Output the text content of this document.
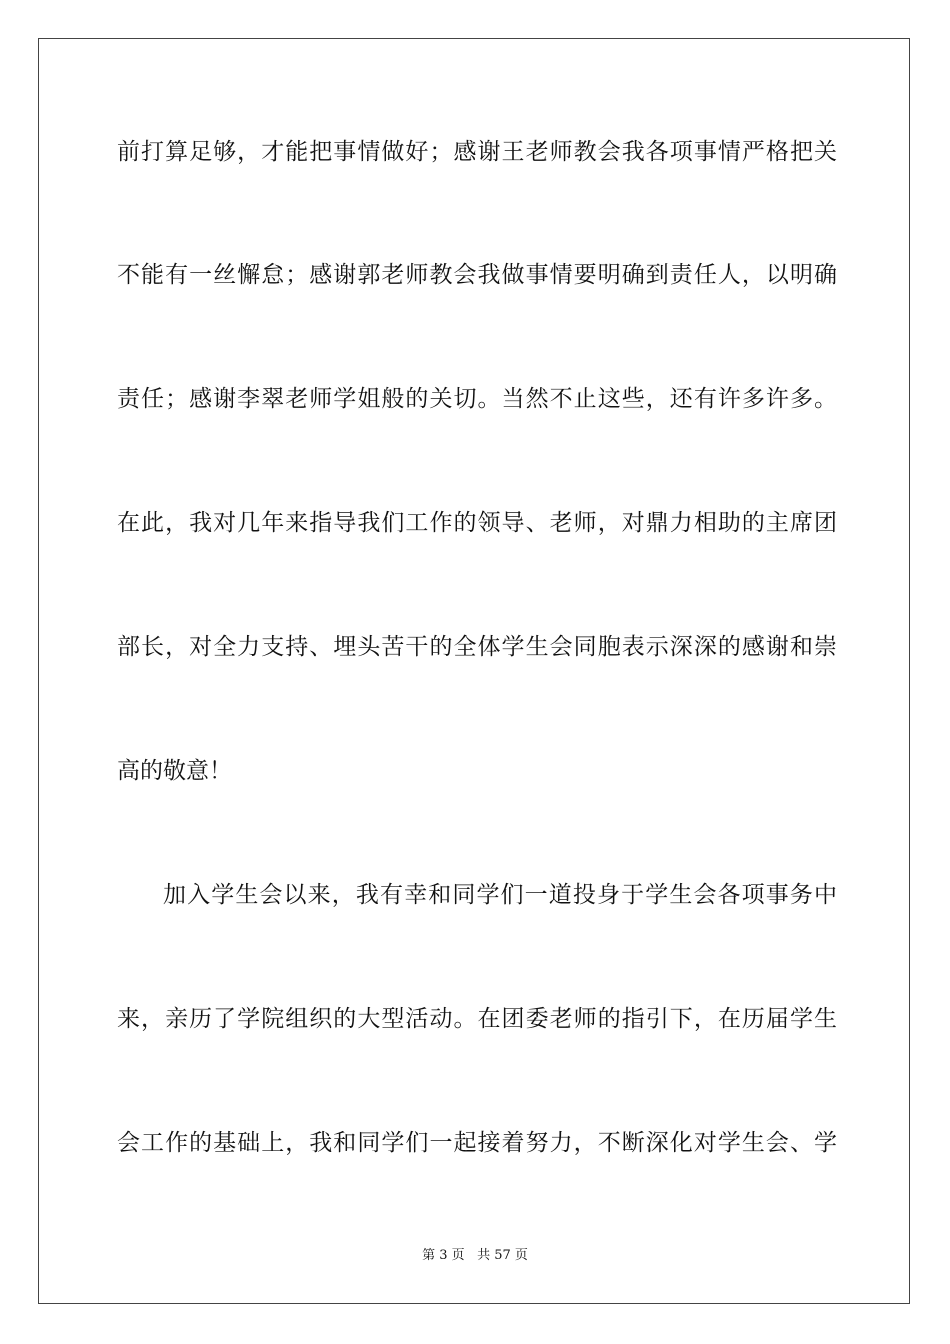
前打算足够，才能把事情做好；感谢王老师教会我各项事情严格把关
不能有一丝懈怠；感谢郭老师教会我做事情要明确到责任人，以明确
责任；感谢李翠老师学姐般的关切。当然不止这些，还有许多许多。
在此，我对几年来指导我们工作的领导、老师，对鼎力相助的主席团
部长，对全力支持、埋头苦干的全体学生会同胞表示深深的感谢和崇
高的敬意！
加入学生会以来，我有幸和同学们一道投身于学生会各项事务中
来，亲历了学院组织的大型活动。在团委老师的指引下，在历届学生
会工作的基础上，我和同学们一起接着努力，不断深化对学生会、学
第 3 页 共 57 页
